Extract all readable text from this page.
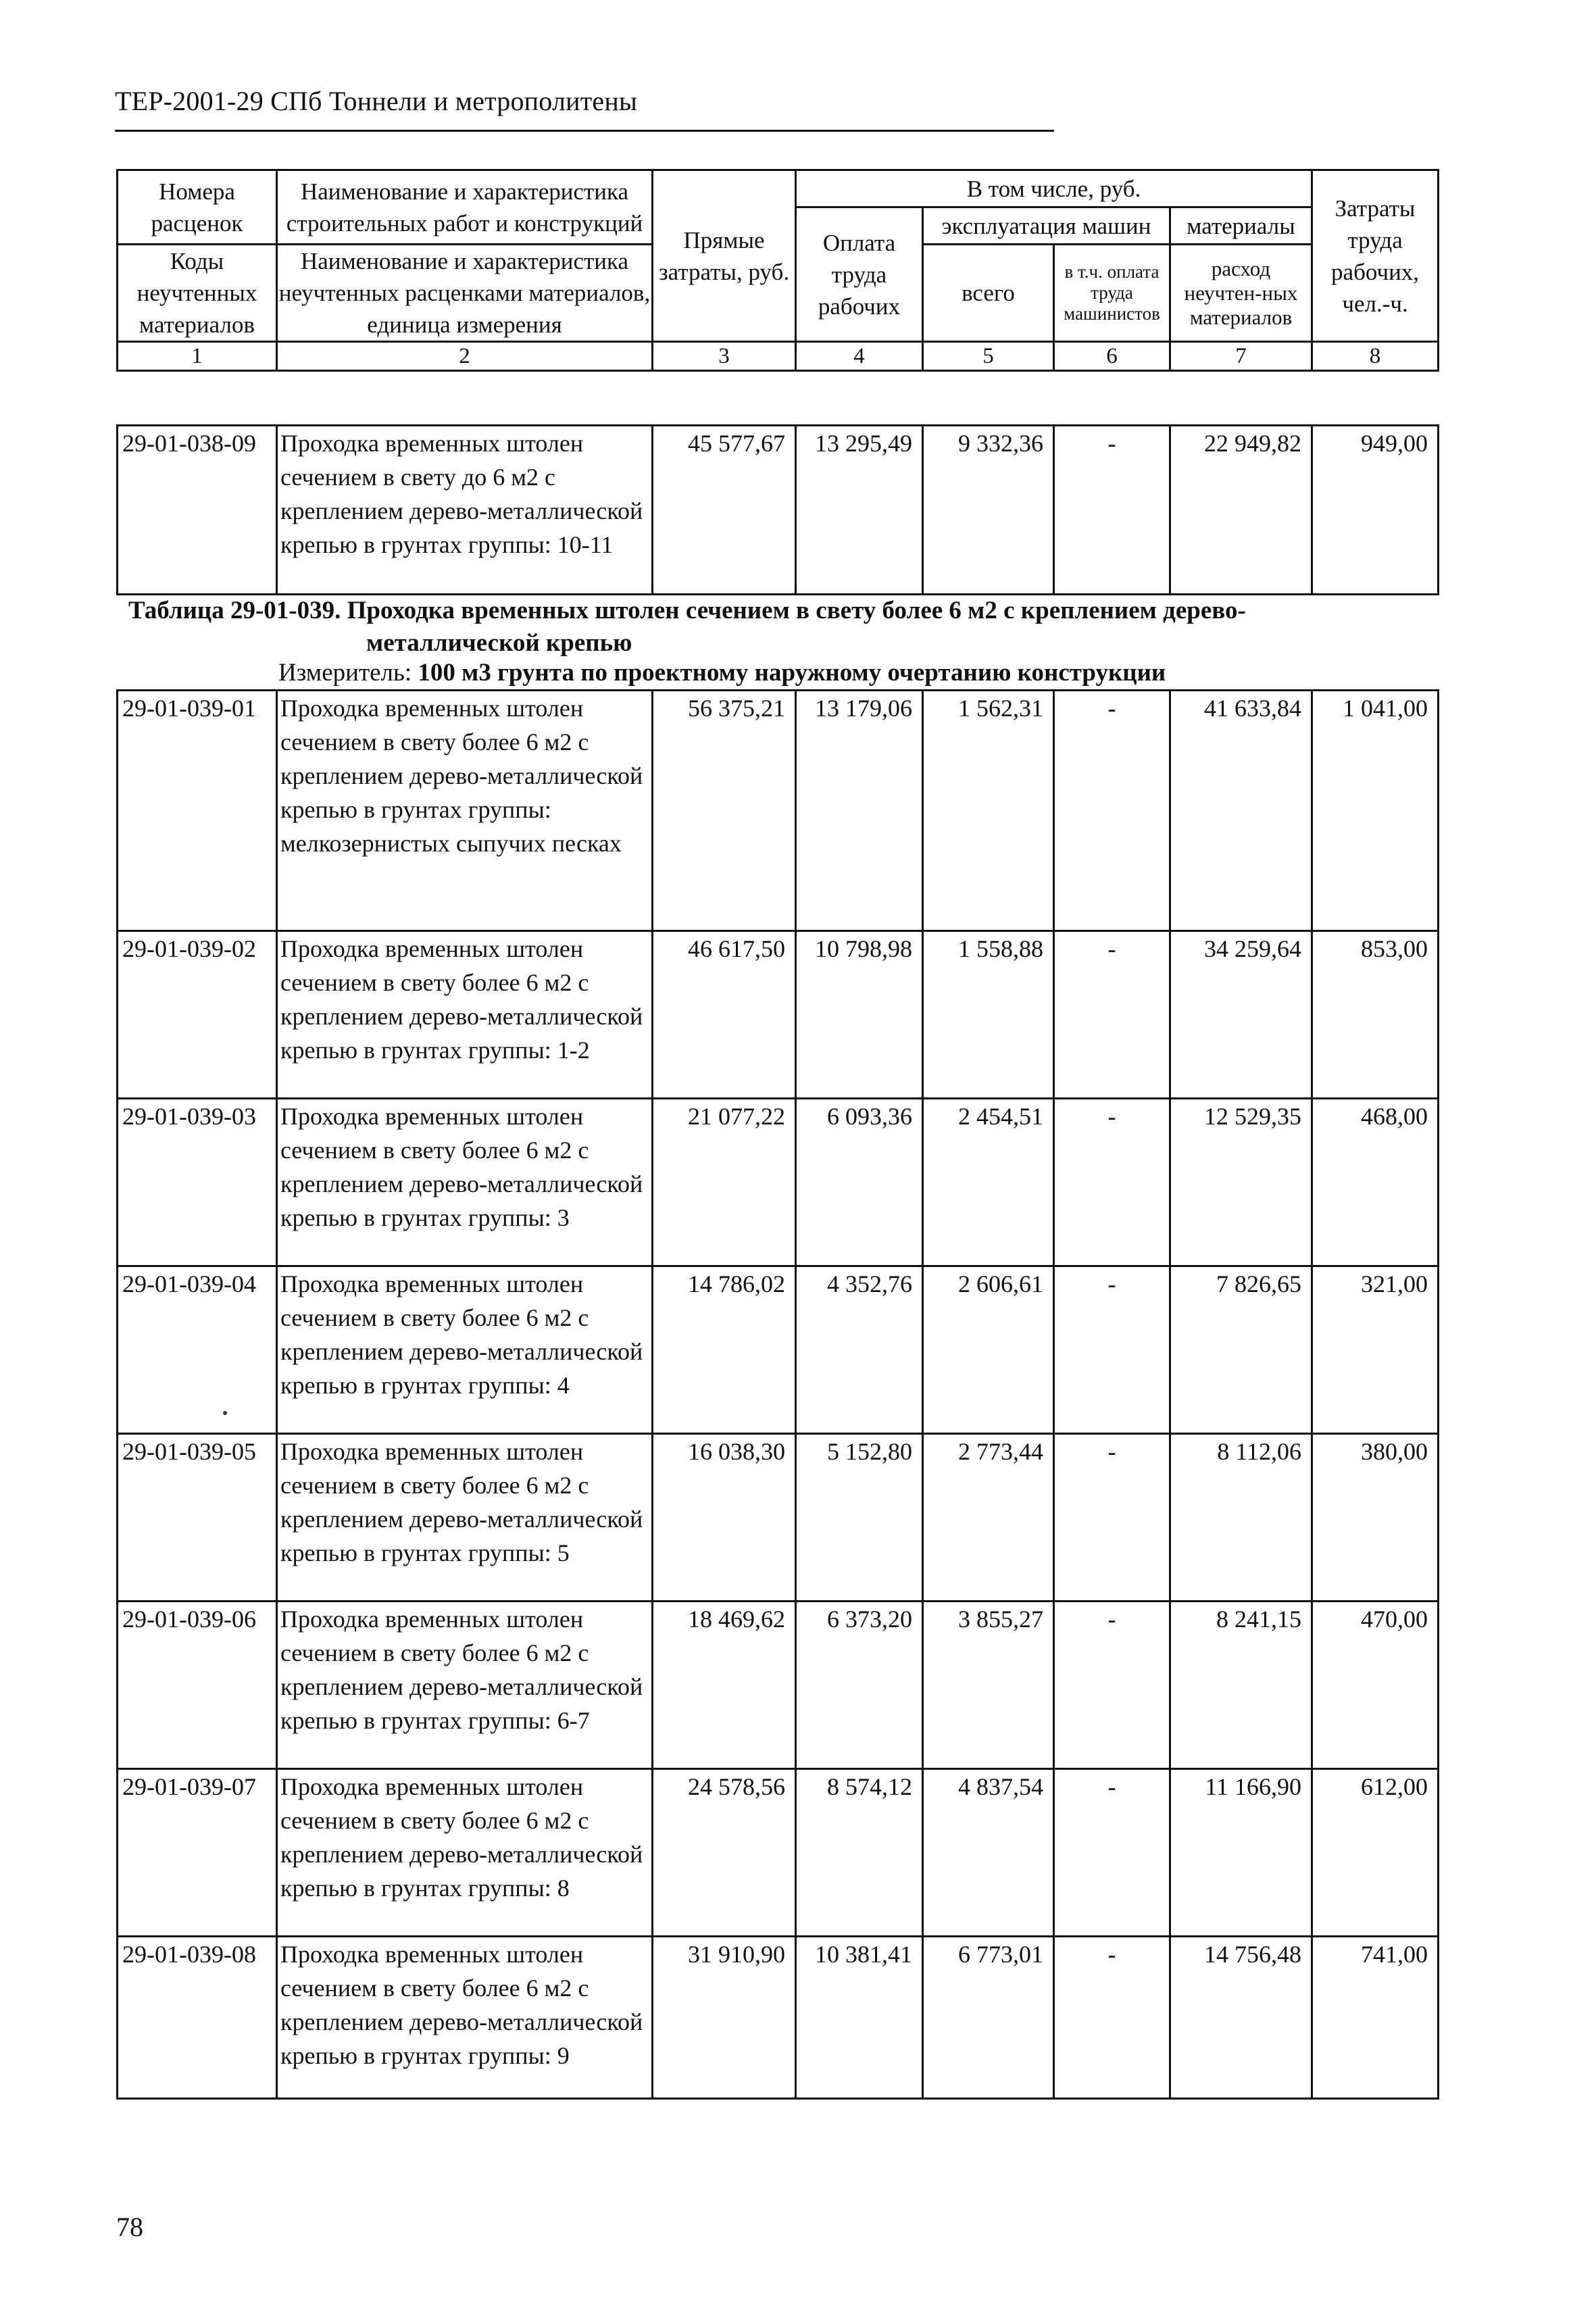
ТЕР-2001-29 СПб Тоннели и метрополитены
Номера расценок	Наименование и характеристика строительных работ и конструкций	Прямые затраты, руб.	В том числе, руб.				Затраты труда рабочих, чел.-ч.
			Оплата труда рабочих	эксплуатация машин		материалы	
Коды неучтенных материалов	Наименование и характеристика неучтенных расценками материалов, единица измерения			всего	в т.ч. оплата труда машинистов	расход неучтен-ных материалов	
1	2	3	4	5	6	7	8
29-01-038-09	Проходка временных штолен сечением в свету до 6 м2 с креплением дерево-металлической крепью в грунтах группы: 10-11	45 577,67	13 295,49	9 332,36	-	22 949,82	949,00
Таблица 29-01-039. Проходка временных штолен сечением в свету более 6 м2 с креплением дерево-
металлической крепью
Измеритель: 100 м3 грунта по проектному наружному очертанию конструкции
29-01-039-01	Проходка временных штолен сечением в свету более 6 м2 с креплением дерево-металлической крепью в грунтах группы: мелкозернистых сыпучих песках	56 375,21	13 179,06	1 562,31	-	41 633,84	1 041,00
29-01-039-02	Проходка временных штолен сечением в свету более 6 м2 с креплением дерево-металлической крепью в грунтах группы: 1-2	46 617,50	10 798,98	1 558,88	-	34 259,64	853,00
29-01-039-03	Проходка временных штолен сечением в свету более 6 м2 с креплением дерево-металлической крепью в грунтах группы: 3	21 077,22	6 093,36	2 454,51	-	12 529,35	468,00
29-01-039-04	Проходка временных штолен сечением в свету более 6 м2 с креплением дерево-металлической крепью в грунтах группы: 4	14 786,02	4 352,76	2 606,61	-	7 826,65	321,00
29-01-039-05	Проходка временных штолен сечением в свету более 6 м2 с креплением дерево-металлической крепью в грунтах группы: 5	16 038,30	5 152,80	2 773,44	-	8 112,06	380,00
29-01-039-06	Проходка временных штолен сечением в свету более 6 м2 с креплением дерево-металлической крепью в грунтах группы: 6-7	18 469,62	6 373,20	3 855,27	-	8 241,15	470,00
29-01-039-07	Проходка временных штолен сечением в свету более 6 м2 с креплением дерево-металлической крепью в грунтах группы: 8	24 578,56	8 574,12	4 837,54	-	11 166,90	612,00
29-01-039-08	Проходка временных штолен сечением в свету более 6 м2 с креплением дерево-металлической крепью в грунтах группы: 9	31 910,90	10 381,41	6 773,01	-	14 756,48	741,00
78
